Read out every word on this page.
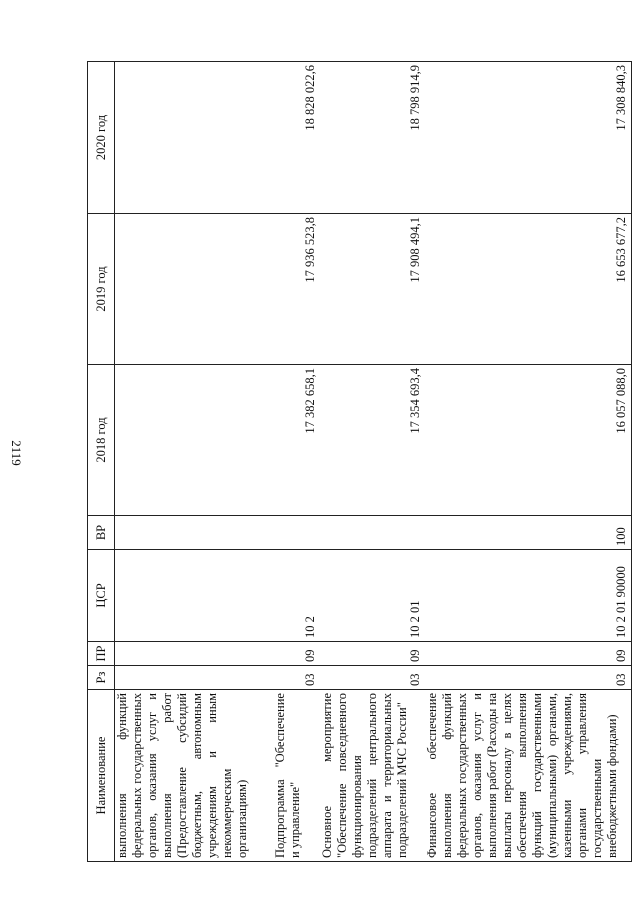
2119
Наименование	Рз	ПР	ЦСР	ВР	2018 год	2019 год	2020 год
выполнения функций федеральных государственных органов, оказания услуг и выполнения работ (Предоставление субсидий бюджетным, автономным учреждениям и иным некоммерческим организациям)							
Подпрограмма "Обеспечение и управление"	03	09	10 2		17 382 658,1	17 936 523,8	18 828 022,6
Основное мероприятие "Обеспечение повседневного функционирования подразделений центрального аппарата и территориальных подразделений МЧС России"	03	09	10 2 01		17 354 693,4	17 908 494,1	18 798 914,9
Финансовое обеспечение выполнения функций федеральных государственных органов, оказания услуг и выполнения работ (Расходы на выплаты персоналу в целях обеспечения выполнения функций государственными (муниципальными) органами, казенными учреждениями, органами управления государственными внебюджетными фондами)	03	09	10 2 01 90000	100	16 057 088,0	16 653 677,2	17 308 840,3
